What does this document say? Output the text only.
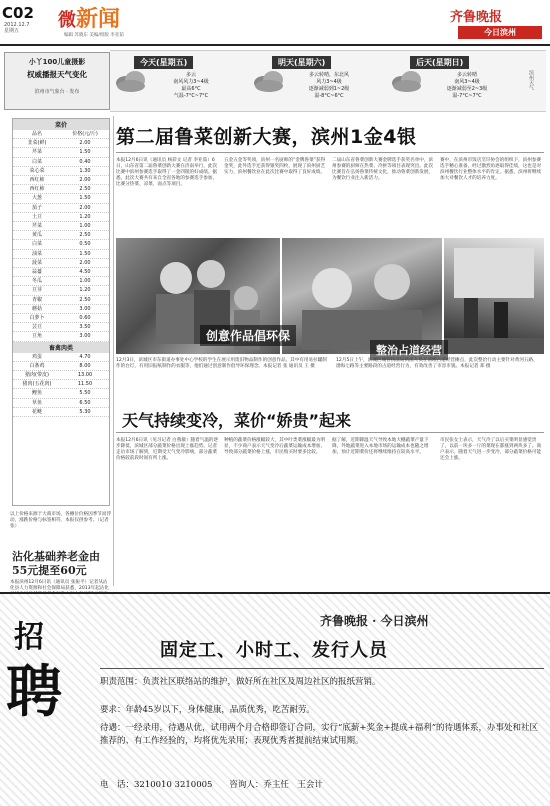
C02
2012.12.7
星期五	微新闻
编辑 苏晓东 美编/组版 李亚茹
齐鲁晚报
今日滨州
小丫100儿童摄影
权威播报天气变化
滨州市气象台 · 发布
今天(星期五)
多云
南风风力3~4级
最高6°C
气温-7°C~7°C
明天(星期六)
多云转晴，东北风
风力3~4级
逐渐减弱到1~2级
温-8°C~6°C
后天(星期日)
多云转晴
南风3~4级
逐渐减弱至2~3级
温-7°C~7°C
滨州天气
菜价
品名	价格(元/斤)
韭菜(鲜)	2.00
芹菜	1.50
白菜	0.40
菜心菜	1.30
西红柿	2.00
西红柿	2.50
大葱	1.50
茄子	2.00
土豆	1.20
芹菜	1.00
黄瓜	2.50
白菜	0.50
油菜	1.50
菠菜	2.00
蒜薹	4.50
冬瓜	1.00
豆芽	1.20
青椒	2.50
蘑菇	3.00
白萝卜	0.60
芸豆	3.50
豆角	3.00
畜禽肉类
鸡蛋	4.70
白条鸡	8.00
猪肉(带皮)	13.00
猪肉(五花肉)	11.50
鲤鱼	5.50
草鱼	6.50
花鲢	5.30
以上价格来源于大商市场，各摊位价格因季节而浮动，涨跌价格与标签相符，本报仅供参考。（记者 张）
沾化基础养老金由55元提至60元
本报滨州12月6日讯（通讯员 张振平）记者从沾化县人力资源和社会保障局获悉，2013年起沾化
第二届鲁菜创新大赛，滨州1金4银
本报12月6日讯（通讯员 杨彩文 记者 李亚茹）6日，山东省第二届鲁菜创新大赛在济南举行，此次比赛中滨州参赛选手取得了一金四银的好成绩。据悉，此次大赛共有来自全省各地的参赛选手参加，比赛分热菜、凉菜、面点等项目。
五金五金等奖项，滨州一名厨师的“金牌鲁菜”获得金奖，此外选手还获得银奖四枚，展现了滨州厨艺实力，滨州餐饮业在此次比赛中取得了良好成绩。
二届山东省鲁菜创新大赛金牌选手获奖名单中，滨州参赛的厨师在热菜、冷拼等项目表现突出。此次比赛旨在弘扬鲁菜传统文化，推动鲁菜创新发展，为餐饮行业注入新活力。
赛中，在滨州市饭店烹饪协会的组织下，滨州参赛选手精心准备，经过激烈角逐取得佳绩，这也是对滨州餐饮行业整体水平的肯定。据悉，滨州将继续加大对餐饮人才的培养力度。
创意作品倡环保
整治占道经营
12月3日，滨城区市东街道办事处中心学校的学生在展示用废旧物品制作的创意作品，其中有用易拉罐制作的台灯，有用旧报纸制作的衣服等，他们通过创意制作倡导环保理念。本报记者 张 通讯员 王 摄
12月5日上午，滨城区城管执法局执法人员在清理占道经营摊点，此次整治行动主要针对黄河五路、渤海七路等主要路段的占道经营行为，有效改善了市容市貌。本报记者 郑 摄
天气持续变冷，菜价“娇贵”起来
本报12月6日讯（见习记者 白燕敏）随着气温的逐步降低，滨城区部分蔬菜价格出现上涨趋势。记者走访市场了解到，近期受天气变冷影响，部分蔬菜价格较前段时间有所上涨。
种植的蔬菜价格涨幅较大，其中叶类菜涨幅最为明显，不少商户表示天气变冷后蔬菜运输成本增加，导致部分蔬菜价格上涨，市民购买时要多比较。
据了解，近期降温天气导致本地大棚蔬菜产量下降，外地蔬菜进入本地市场的运输成本也随之增加，预计近期菜价还将继续维持在较高水平。
市民张女士表示，天气冷了以后买菜明显感觉贵了，以前一块多一斤的菜现在都涨到两块多了。商户表示，随着天气进一步变冷，部分蔬菜价格可能还会上涨。
招
聘
齐鲁晚报 · 今日滨州
固定工、小时工、发行人员
职责范围：负责社区联络站的维护，做好所在社区及周边社区的报纸营销。
要求：年龄45岁以下，身体健康，品质优秀，吃苦耐劳。
待遇：一经录用，待遇从优，试用两个月合格即签订合同，实行“底薪+奖金+提成+福利”的待遇体系，办事处和社区推荐的、有工作经验的，均将优先录用；表现优秀者提前结束试用期。
电　话：3210010 3210005　　咨询人：乔主任　王会计
